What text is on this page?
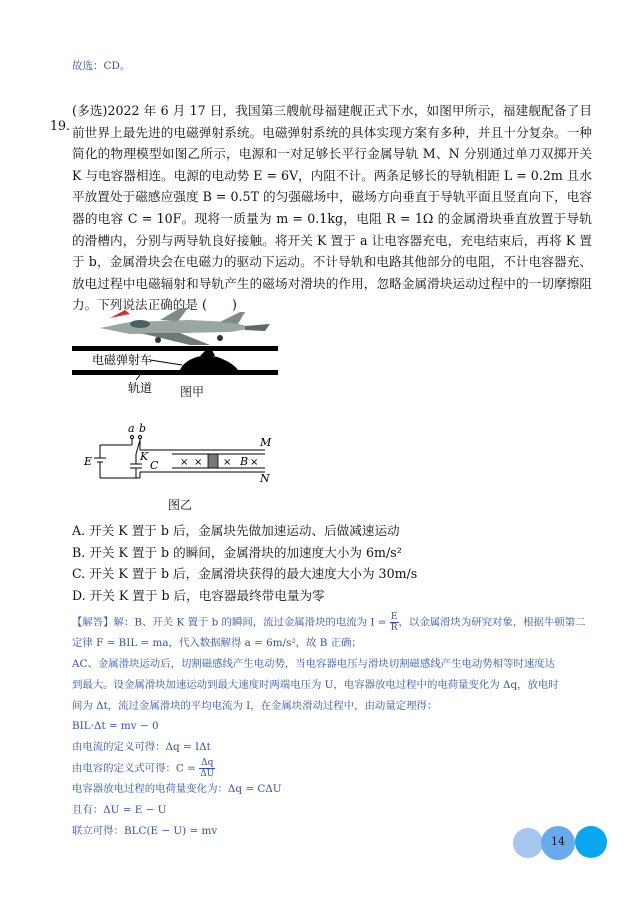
故选：CD。
19.
(多选)2022 年 6 月 17 日，我国第三艘航母福建舰正式下水，如图甲所示，福建舰配备了目前世界上最先进的电磁弹射系统。电磁弹射系统的具体实现方案有多种，并且十分复杂。一种简化的物理模型如图乙所示，电源和一对足够长平行金属导轨 M、N 分别通过单刀双掷开关 K 与电容器相连。电源的电动势 E = 6V，内阻不计。两条足够长的导轨相距 L = 0.2m 且水平放置处于磁感应强度 B = 0.5T 的匀强磁场中，磁场方向垂直于导轨平面且竖直向下，电容器的电容 C = 10F。现将一质量为 m = 0.1kg，电阻 R = 1Ω 的金属滑块垂直放置于导轨的滑槽内，分别与两导轨良好接触。将开关 K 置于 a 让电容器充电，充电结束后，再将 K 置于 b，金属滑块会在电磁力的驱动下运动。不计导轨和电路其他部分的电阻，不计电容器充、放电过程中电磁辐射和导轨产生的磁场对滑块的作用，忽略金属滑块运动过程中的一切摩擦阻力。下列说法正确的是 (　　)
电磁弹射车
轨道 图甲
a b
E	K
C	B
M
N
× × × ×
图乙
A. 开关 K 置于 b 后，金属块先做加速运动、后做减速运动
B. 开关 K 置于 b 的瞬间，金属滑块的加速度大小为 6m/s²
C. 开关 K 置于 b 后，金属滑块获得的最大速度大小为 30m/s
D. 开关 K 置于 b 后，电容器最终带电量为零
【解答】解：B、开关 K 置于 b 的瞬间，流过金属滑块的电流为 $I = \frac{E}{R}$ ，以金属滑块为研究对象，根据牛顿第二
定律 F = BIL = ma，代入数据解得 a = 6m/s²，故 B 正确；
AC、金属滑块运动后，切割磁感线产生电动势，当电容器电压与滑块切割磁感线产生电动势相等时速度达
到最大。设金属滑块加速运动到最大速度时两端电压为 U，电容器放电过程中的电荷量变化为 Δq，放电时
间为 Δt，流过金属滑块的平均电流为 I，在金属块滑动过程中，由动量定理得：
BIL·Δt = mv − 0
由电流的定义可得：Δq = IΔt
由电容的定义式可得：$C = \frac{\Delta q}{\Delta U}$
电容器放电过程的电荷量变化为：Δq = CΔU
且有：ΔU = E − U
联立可得：BLC(E − U) = mv
14
